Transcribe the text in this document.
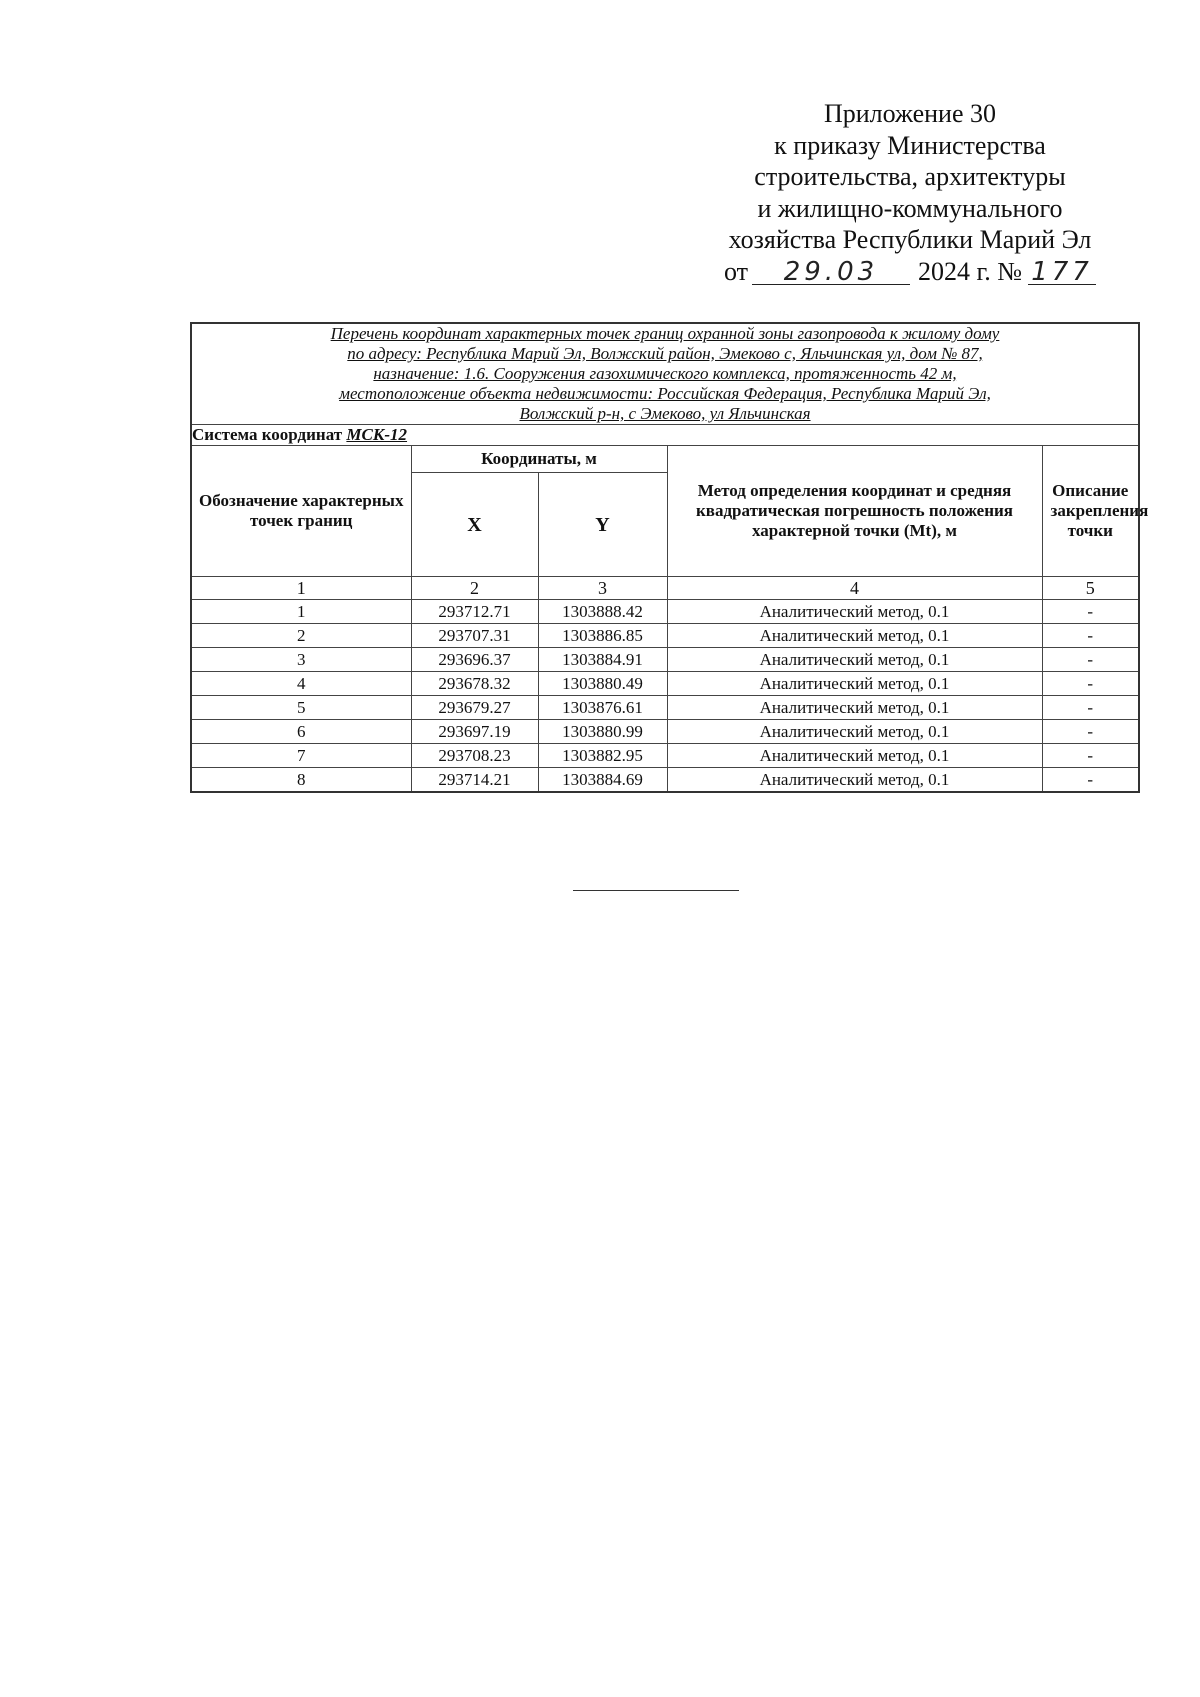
Приложение 30
к приказу Министерства
строительства, архитектуры
и жилищно-коммунального
хозяйства Республики Марий Эл
от 29.03 2024 г. № 177
Перечень координат характерных точек границ охранной зоны газопровода к жилому дому
по адресу: Республика Марий Эл, Волжский район, Эмеково с, Яльчинская ул, дом № 87,
назначение: 1.6. Сооружения газохимического комплекса, протяженность 42 м,
местоположение объекта недвижимости: Российская Федерация, Республика Марий Эл,
Волжский р-н, с Эмеково, ул Яльчинская				

Система координат МСК-12				
Обозначение характерных точек границ	Координаты, м		Метод определения координат и средняя квадратическая погрешность положения характерной точки (Mt), м	Описание закрепления точки
	X	Y		
1	2	3	4	5
1	293712.71	1303888.42	Аналитический метод, 0.1	-
2	293707.31	1303886.85	Аналитический метод, 0.1	-
3	293696.37	1303884.91	Аналитический метод, 0.1	-
4	293678.32	1303880.49	Аналитический метод, 0.1	-
5	293679.27	1303876.61	Аналитический метод, 0.1	-
6	293697.19	1303880.99	Аналитический метод, 0.1	-
7	293708.23	1303882.95	Аналитический метод, 0.1	-
8	293714.21	1303884.69	Аналитический метод, 0.1	-
